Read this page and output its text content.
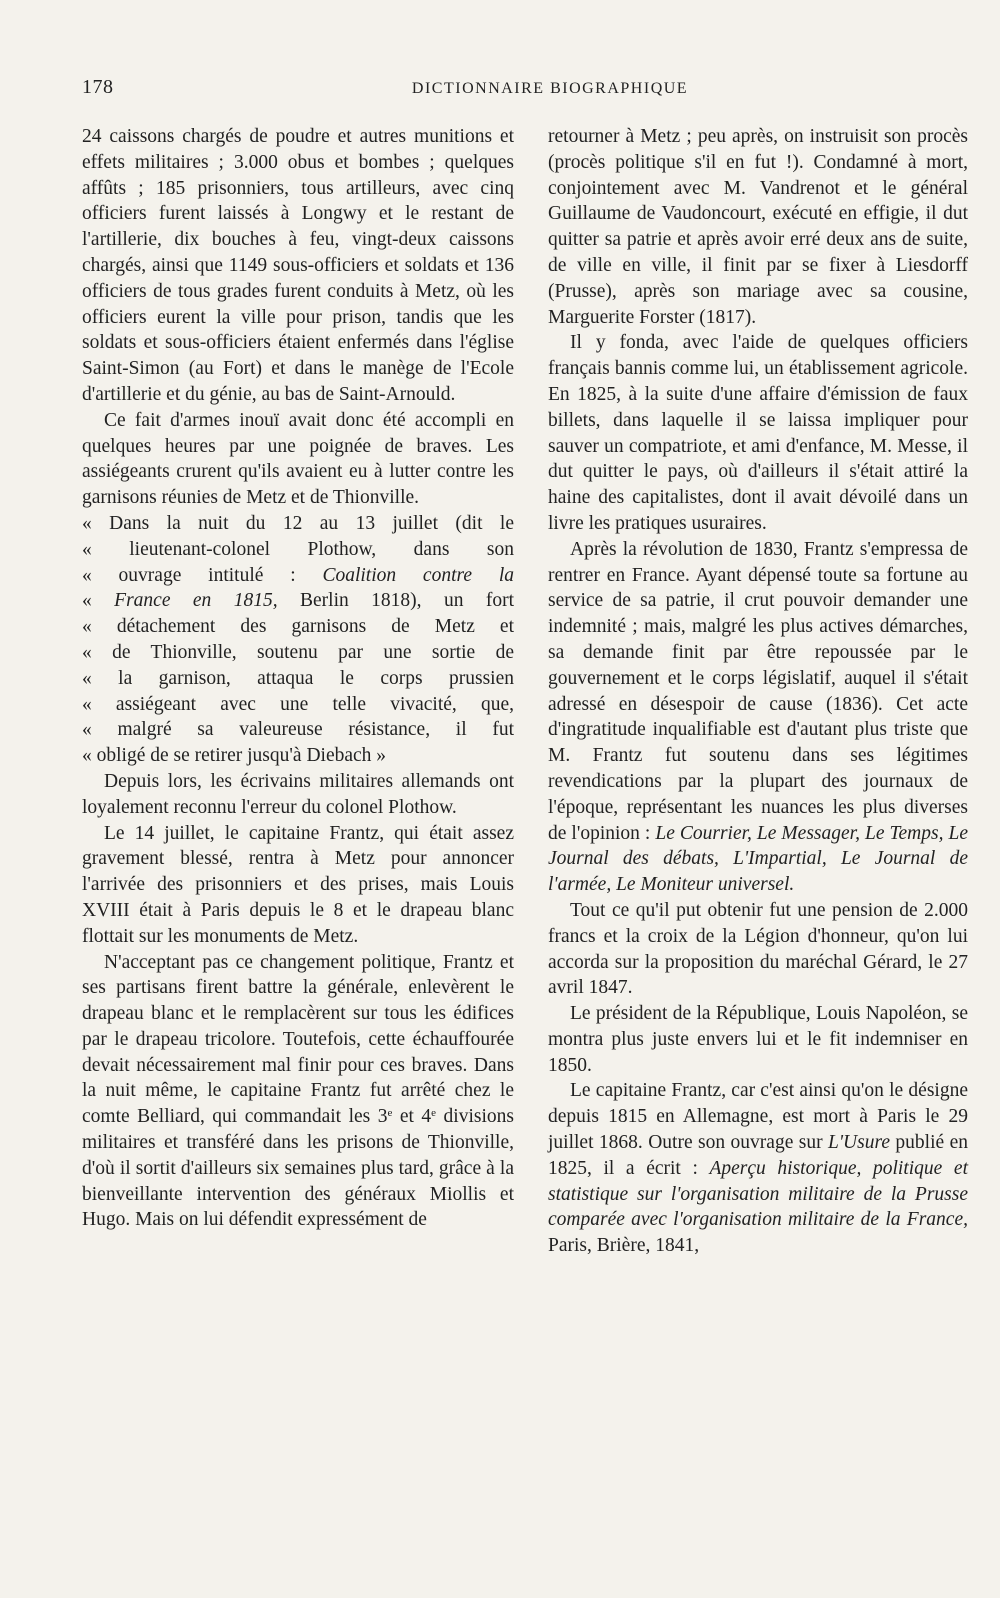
178	DICTIONNAIRE BIOGRAPHIQUE

24 caissons chargés de poudre et autres munitions et effets militaires ; 3.000 obus et bombes ; quelques affûts ; 185 prisonniers, tous artilleurs, avec cinq officiers furent laissés à Longwy et le restant de l'artillerie, dix bouches à feu, vingt-deux caissons chargés, ainsi que 1149 sous-officiers et soldats et 136 officiers de tous grades furent conduits à Metz, où les officiers eurent la ville pour prison, tandis que les soldats et sous-officiers étaient enfermés dans l'église Saint-Simon (au Fort) et dans le manège de l'Ecole d'artillerie et du génie, au bas de Saint-Arnould.

Ce fait d'armes inouï avait donc été accompli en quelques heures par une poignée de braves. Les assiégeants crurent qu'ils avaient eu à lutter contre les garnisons réunies de Metz et de Thionville.

« Dans la nuit du 12 au 13 juillet (dit le
« lieutenant-colonel Plothow, dans son
« ouvrage intitulé : Coalition contre la
« France en 1815, Berlin 1818), un fort
« détachement des garnisons de Metz et
« de Thionville, soutenu par une sortie de
« la garnison, attaqua le corps prussien
« assiégeant avec une telle vivacité, que,
« malgré sa valeureuse résistance, il fut
« obligé de se retirer jusqu'à Diebach »

Depuis lors, les écrivains militaires allemands ont loyalement reconnu l'erreur du colonel Plothow.

Le 14 juillet, le capitaine Frantz, qui était assez gravement blessé, rentra à Metz pour annoncer l'arrivée des prisonniers et des prises, mais Louis XVIII était à Paris depuis le 8 et le drapeau blanc flottait sur les monuments de Metz.

N'acceptant pas ce changement politique, Frantz et ses partisans firent battre la générale, enlevèrent le drapeau blanc et le remplacèrent sur tous les édifices par le drapeau tricolore. Toutefois, cette échauffourée devait nécessairement mal finir pour ces braves. Dans la nuit même, le capitaine Frantz fut arrêté chez le comte Belliard, qui commandait les 3e et 4e divisions militaires et transféré dans les prisons de Thionville, d'où il sortit d'ailleurs six semaines plus tard, grâce à la bienveillante intervention des généraux Miollis et Hugo. Mais on lui défendit expressément de

retourner à Metz ; peu après, on instruisit son procès (procès politique s'il en fut !). Condamné à mort, conjointement avec M. Vandrenot et le général Guillaume de Vaudoncourt, exécuté en effigie, il dut quitter sa patrie et après avoir erré deux ans de suite, de ville en ville, il finit par se fixer à Liesdorff (Prusse), après son mariage avec sa cousine, Marguerite Forster (1817).

Il y fonda, avec l'aide de quelques officiers français bannis comme lui, un établissement agricole. En 1825, à la suite d'une affaire d'émission de faux billets, dans laquelle il se laissa impliquer pour sauver un compatriote, et ami d'enfance, M. Messe, il dut quitter le pays, où d'ailleurs il s'était attiré la haine des capitalistes, dont il avait dévoilé dans un livre les pratiques usuraires.

Après la révolution de 1830, Frantz s'empressa de rentrer en France. Ayant dépensé toute sa fortune au service de sa patrie, il crut pouvoir demander une indemnité ; mais, malgré les plus actives démarches, sa demande finit par être repoussée par le gouvernement et le corps législatif, auquel il s'était adressé en désespoir de cause (1836). Cet acte d'ingratitude inqualifiable est d'autant plus triste que M. Frantz fut soutenu dans ses légitimes revendications par la plupart des journaux de l'époque, représentant les nuances les plus diverses de l'opinion : Le Courrier, Le Messager, Le Temps, Le Journal des débats, L'Impartial, Le Journal de l'armée, Le Moniteur universel.

Tout ce qu'il put obtenir fut une pension de 2.000 francs et la croix de la Légion d'honneur, qu'on lui accorda sur la proposition du maréchal Gérard, le 27 avril 1847.

Le président de la République, Louis Napoléon, se montra plus juste envers lui et le fit indemniser en 1850.

Le capitaine Frantz, car c'est ainsi qu'on le désigne depuis 1815 en Allemagne, est mort à Paris le 29 juillet 1868. Outre son ouvrage sur L'Usure publié en 1825, il a écrit : Aperçu historique, politique et statistique sur l'organisation militaire de la Prusse comparée avec l'organisation militaire de la France, Paris, Brière, 1841,
